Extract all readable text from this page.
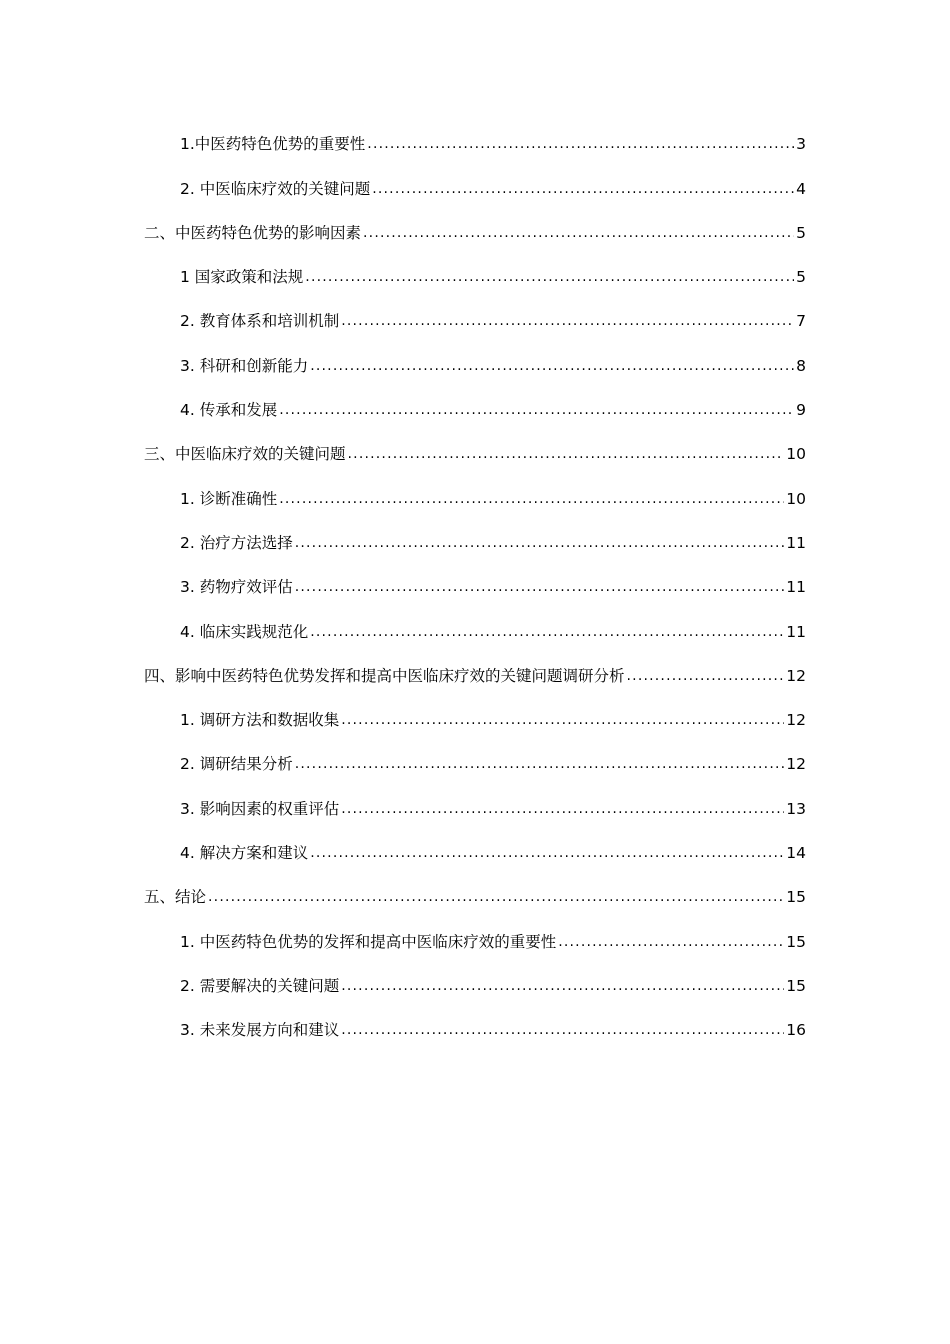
1.中医药特色优势的重要性 .....	3
2. 中医临床疗效的关键问题 .....	4
二、中医药特色优势的影响因素 .....	5
1 国家政策和法规 .....	5
2. 教育体系和培训机制 .....	7
3. 科研和创新能力 .....	8
4. 传承和发展 .....	9
三、中医临床疗效的关键问题 .....	10
1. 诊断准确性 .....	10
2. 治疗方法选择 .....	11
3. 药物疗效评估 .....	11
4. 临床实践规范化 .....	11
四、影响中医药特色优势发挥和提高中医临床疗效的关键问题调研分析 .....	12
1. 调研方法和数据收集 .....	12
2. 调研结果分析 .....	12
3. 影响因素的权重评估 .....	13
4. 解决方案和建议 .....	14
五、结论 .....	15
1. 中医药特色优势的发挥和提高中医临床疗效的重要性 .....	15
2. 需要解决的关键问题 .....	15
3. 未来发展方向和建议 .....	16
